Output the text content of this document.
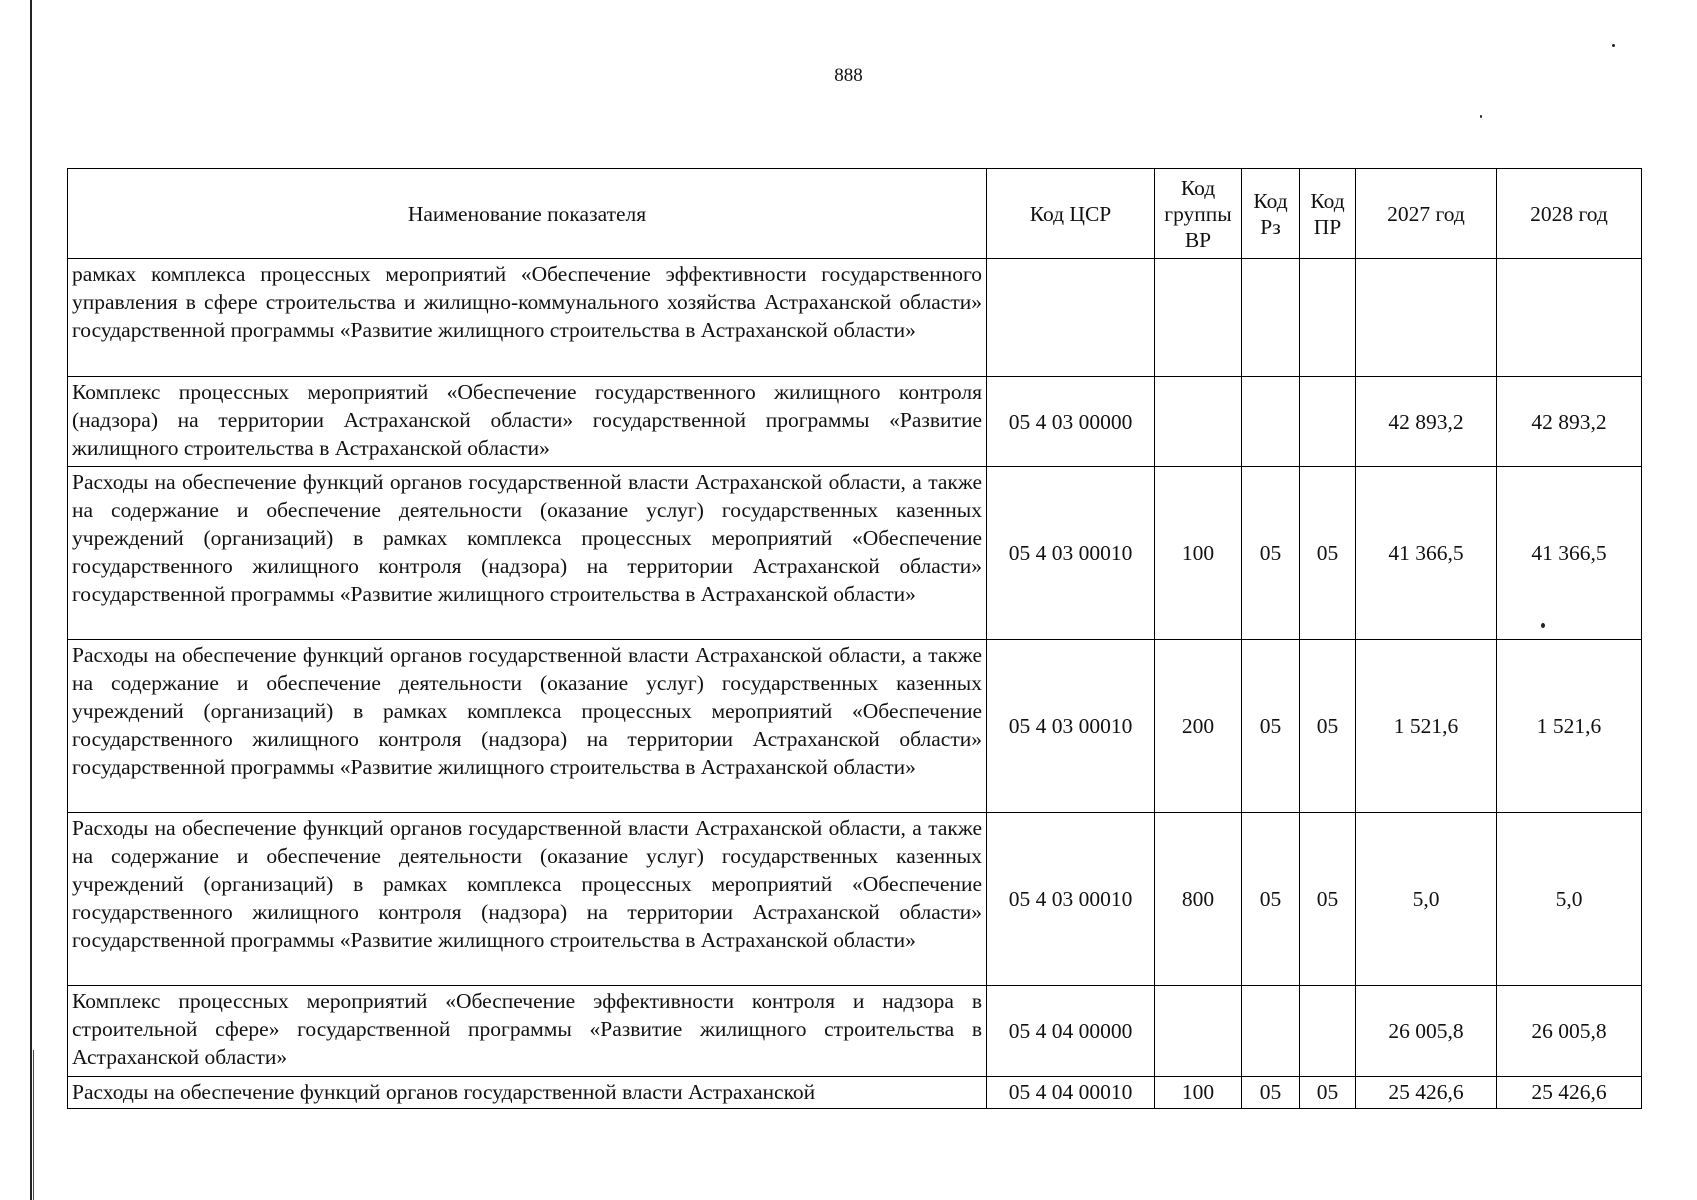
888
Наименование показателя	Код ЦСР	Код группы ВР	Код Рз	Код ПР	2027 год	2028 год
рамках комплекса процессных мероприятий «Обеспечение эффективности государственного управления в сфере строительства и жилищно-коммунального хозяйства Астраханской области» государственной программы «Развитие жилищного строительства в Астраханской области»						
Комплекс процессных мероприятий «Обеспечение государственного жилищного контроля (надзора) на территории Астраханской области» государственной программы «Развитие жилищного строительства в Астраханской области»	05 4 03 00000				42 893,2	42 893,2
Расходы на обеспечение функций органов государственной власти Астраханской области, а также на содержание и обеспечение деятельности (оказание услуг) государственных казенных учреждений (организаций) в рамках комплекса процессных мероприятий «Обеспечение государственного жилищного контроля (надзора) на территории Астраханской области» государственной программы «Развитие жилищного строительства в Астраханской области»	05 4 03 00010	100	05	05	41 366,5	41 366,5
Расходы на обеспечение функций органов государственной власти Астраханской области, а также на содержание и обеспечение деятельности (оказание услуг) государственных казенных учреждений (организаций) в рамках комплекса процессных мероприятий «Обеспечение государственного жилищного контроля (надзора) на территории Астраханской области» государственной программы «Развитие жилищного строительства в Астраханской области»	05 4 03 00010	200	05	05	1 521,6	1 521,6
Расходы на обеспечение функций органов государственной власти Астраханской области, а также на содержание и обеспечение деятельности (оказание услуг) государственных казенных учреждений (организаций) в рамках комплекса процессных мероприятий «Обеспечение государственного жилищного контроля (надзора) на территории Астраханской области» государственной программы «Развитие жилищного строительства в Астраханской области»	05 4 03 00010	800	05	05	5,0	5,0
Комплекс процессных мероприятий «Обеспечение эффективности контроля и надзора в строительной сфере» государственной программы «Развитие жилищного строительства в Астраханской области»	05 4 04 00000				26 005,8	26 005,8
Расходы на обеспечение функций органов государственной власти Астраханской	05 4 04 00010	100	05	05	25 426,6	25 426,6
